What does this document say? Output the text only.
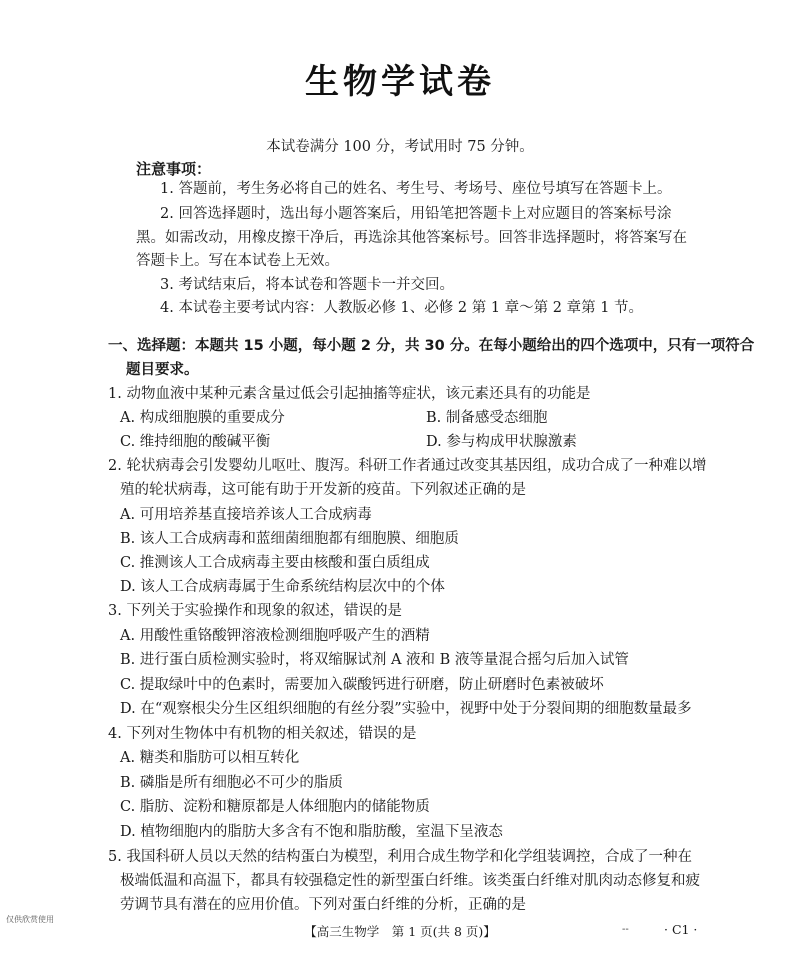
生物学试卷
本试卷满分 100 分，考试用时 75 分钟。
注意事项：
1. 答题前，考生务必将自己的姓名、考生号、考场号、座位号填写在答题卡上。
2. 回答选择题时，选出每小题答案后，用铅笔把答题卡上对应题目的答案标号涂
黑。如需改动，用橡皮擦干净后，再选涂其他答案标号。回答非选择题时，将答案写在
答题卡上。写在本试卷上无效。
3. 考试结束后，将本试卷和答题卡一并交回。
4. 本试卷主要考试内容：人教版必修 1、必修 2 第 1 章～第 2 章第 1 节。
一、选择题：本题共 15 小题，每小题 2 分，共 30 分。在每小题给出的四个选项中，只有一项符合
题目要求。
1. 动物血液中某种元素含量过低会引起抽搐等症状，该元素还具有的功能是
A. 构成细胞膜的重要成分	B. 制备感受态细胞
C. 维持细胞的酸碱平衡	D. 参与构成甲状腺激素
2. 轮状病毒会引发婴幼儿呕吐、腹泻。科研工作者通过改变其基因组，成功合成了一种难以增
殖的轮状病毒，这可能有助于开发新的疫苗。下列叙述正确的是
A. 可用培养基直接培养该人工合成病毒
B. 该人工合成病毒和蓝细菌细胞都有细胞膜、细胞质
C. 推测该人工合成病毒主要由核酸和蛋白质组成
D. 该人工合成病毒属于生命系统结构层次中的个体
3. 下列关于实验操作和现象的叙述，错误的是
A. 用酸性重铬酸钾溶液检测细胞呼吸产生的酒精
B. 进行蛋白质检测实验时，将双缩脲试剂 A 液和 B 液等量混合摇匀后加入试管
C. 提取绿叶中的色素时，需要加入碳酸钙进行研磨，防止研磨时色素被破坏
D. 在“观察根尖分生区组织细胞的有丝分裂”实验中，视野中处于分裂间期的细胞数量最多
4. 下列对生物体中有机物的相关叙述，错误的是
A. 糖类和脂肪可以相互转化
B. 磷脂是所有细胞必不可少的脂质
C. 脂肪、淀粉和糖原都是人体细胞内的储能物质
D. 植物细胞内的脂肪大多含有不饱和脂肪酸，室温下呈液态
5. 我国科研人员以天然的结构蛋白为模型，利用合成生物学和化学组装调控，合成了一种在
极端低温和高温下，都具有较强稳定性的新型蛋白纤维。该类蛋白纤维对肌肉动态修复和疲
劳调节具有潜在的应用价值。下列对蛋白纤维的分析，正确的是
仅供欣赏使用
【高三生物学　第 1 页(共 8 页)】	--	· C1 ·
